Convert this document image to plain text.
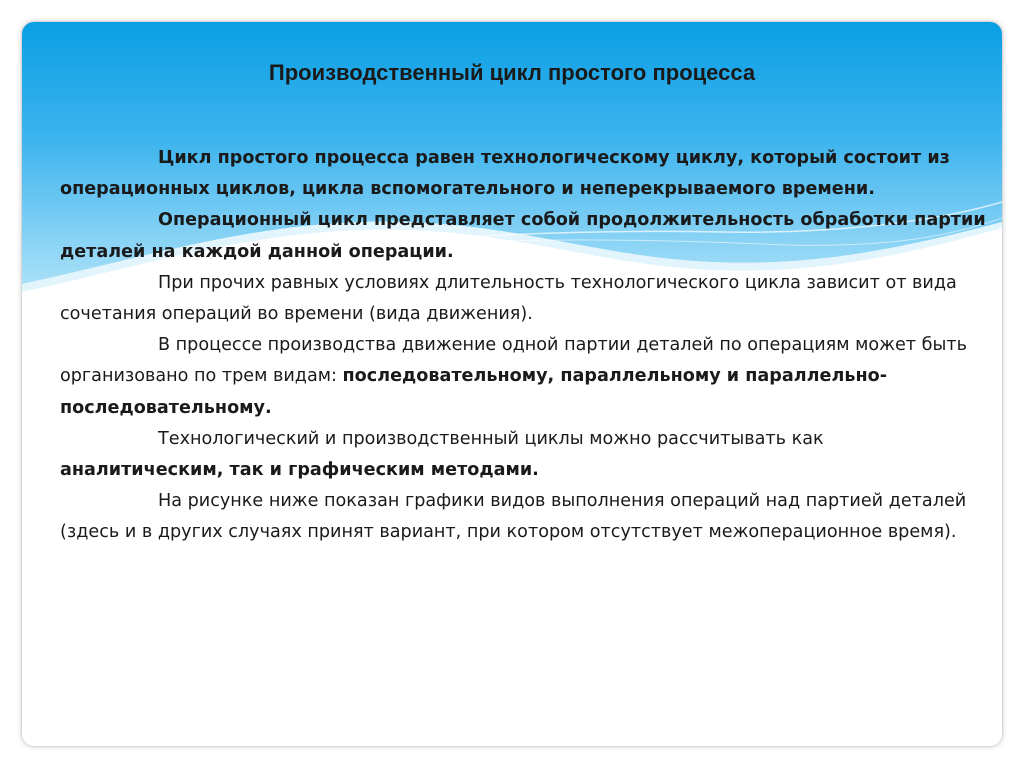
Производственный цикл простого процесса

Цикл простого процесса равен технологическому циклу, который состоит из операционных циклов, цикла вспомогательного и неперекрываемого времени.

Операционный цикл представляет собой продолжительность обработки партии деталей на каждой данной операции.

При прочих равных условиях длительность технологического цикла зависит от вида сочетания операций во времени (вида движения).

В процессе производства движение одной партии деталей по операциям может быть организовано по трем видам: последовательному, параллельному и параллельно-последовательному.

Технологический и производственный циклы можно рассчитывать как аналитическим, так и графическим методами.

На рисунке ниже показан графики видов выполнения операций над партией деталей (здесь и в других случаях принят вариант, при котором отсутствует межоперационное время).
